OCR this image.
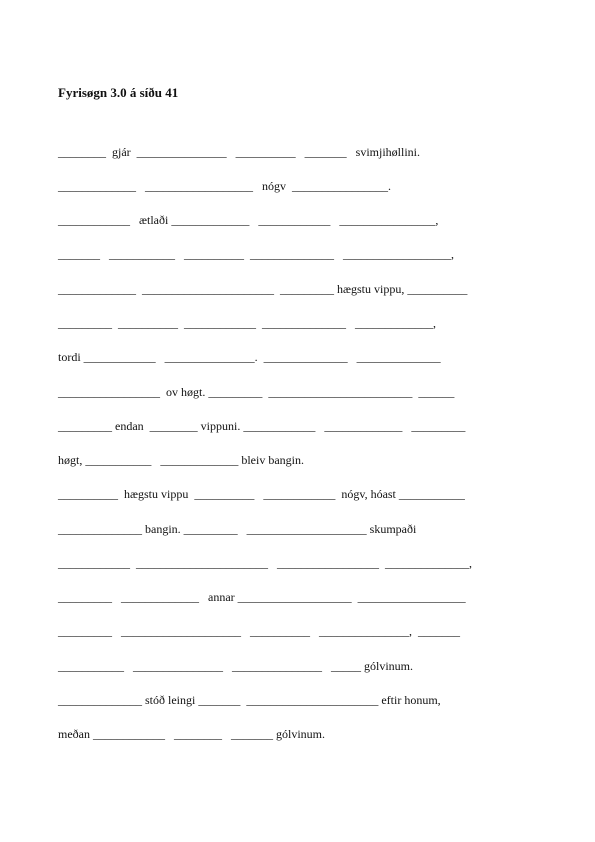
Fyrisøgn 3.0 á síðu 41
________  gjár  _______________   __________   _______   svimjihøllini.
_____________   __________________   nógv  ________________.
____________   ætlaði _____________   ____________   ________________,
_______   ___________   __________  ______________   __________________,
_____________  ______________________  _________ hægstu vippu, __________
_________  __________  ____________  ______________   _____________,
tordi ____________   _______________.  ______________   ______________
_________________  ov høgt. _________  ________________________  ______
_________ endan  ________ vippuni. ____________   _____________   _________
høgt, ___________   _____________ bleiv bangin.
__________  hægstu vippu  __________   ____________  nógv, hóast ___________
______________ bangin. _________   ____________________ skumpaði
____________  ______________________   _________________  ______________,
_________   _____________   annar ___________________  __________________
_________   ____________________   __________   _______________,  _______
___________   _______________   _______________   _____ gólvinum.
______________ stóð leingi _______  ______________________ eftir honum,
meðan ____________   ________   _______ gólvinum.
